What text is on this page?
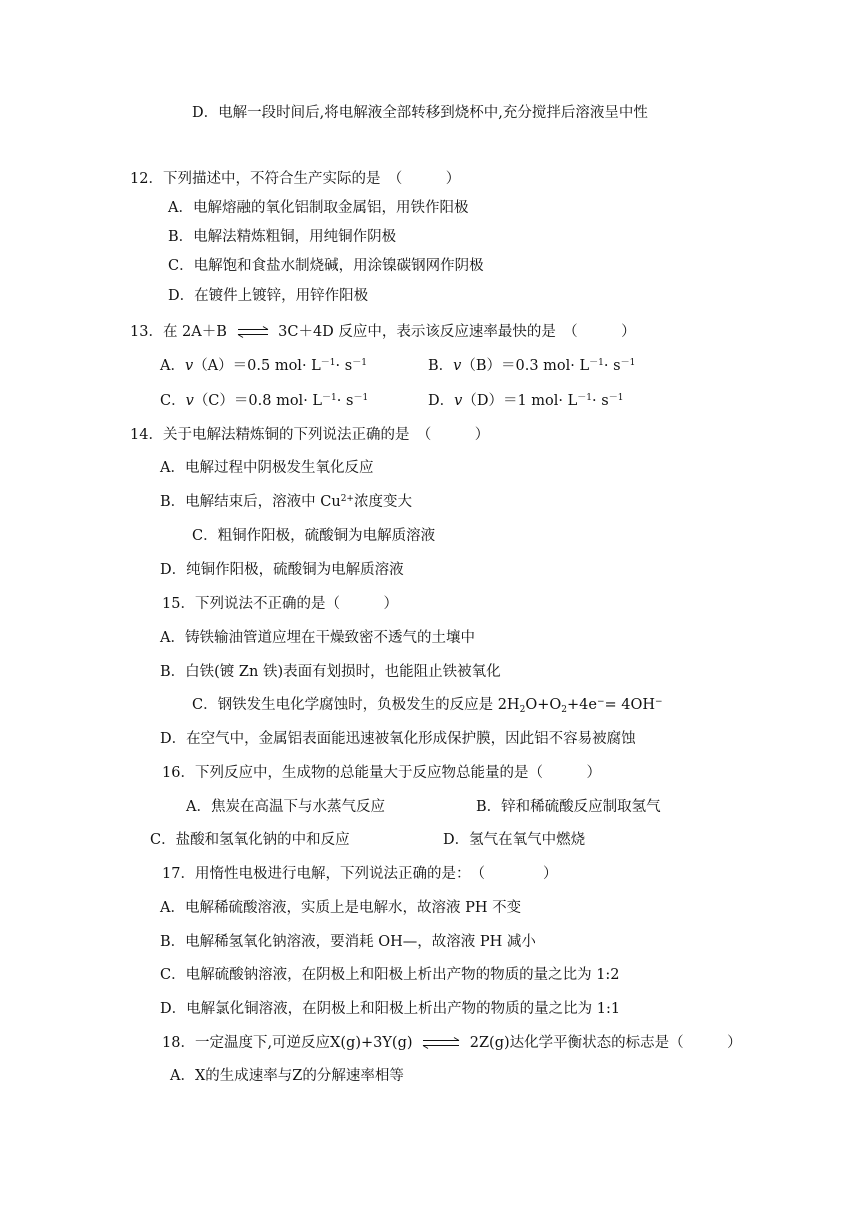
D．电解一段时间后,将电解液全部转移到烧杯中,充分搅拌后溶液呈中性
12．下列描述中，不符合生产实际的是　（　　　）
A．电解熔融的氧化铝制取金属铝，用铁作阳极
B．电解法精炼粗铜，用纯铜作阴极
C．电解饱和食盐水制烧碱，用涂镍碳钢网作阴极
D．在镀件上镀锌，用锌作阳极
13．在 2A＋B ⇌ 3C＋4D 反应中，表示该反应速率最快的是　（　　　）
A．v（A）＝0.5 $mol\cdot L^{-1}\cdot s^{-1}$	B．v（B）＝0.3 $mol\cdot L^{-1}\cdot s^{-1}$
C．v（C）＝0.8 $mol\cdot L^{-1}\cdot s^{-1}$	D．v（D）＝1 $mol\cdot L^{-1}\cdot s^{-1}$
14．关于电解法精炼铜的下列说法正确的是　（　　　）
A．电解过程中阴极发生氧化反应
B．电解结束后，溶液中 $Cu^{2+}$浓度变大
C．粗铜作阳极，硫酸铜为电解质溶液
D．纯铜作阳极，硫酸铜为电解质溶液
15．下列说法不正确的是（　　　）
A．铸铁输油管道应埋在干燥致密不透气的土壤中
B．白铁(镀 Zn 铁)表面有划损时，也能阻止铁被氧化
C．钢铁发生电化学腐蚀时，负极发生的反应是 $2H_2O+O_2+4e^-= 4OH^-$
D．在空气中，金属铝表面能迅速被氧化形成保护膜，因此铝不容易被腐蚀
16．下列反应中，生成物的总能量大于反应物总能量的是（　　　）
A．焦炭在高温下与水蒸气反应	B．锌和稀硫酸反应制取氢气
C．盐酸和氢氧化钠的中和反应	D．氢气在氧气中燃烧
17．用惰性电极进行电解，下列说法正确的是：　（　　　　）
A．电解稀硫酸溶液，实质上是电解水，故溶液 PH 不变
B．电解稀氢氧化钠溶液，要消耗 OH—，故溶液 PH 减小
C．电解硫酸钠溶液，在阴极上和阳极上析出产物的物质的量之比为 1:2
D．电解氯化铜溶液，在阴极上和阳极上析出产物的物质的量之比为 1:1
18．一定温度下,可逆反应X(g)+3Y(g) ⇌ 2Z(g)达化学平衡状态的标志是（　　　）
A．X的生成速率与Z的分解速率相等
